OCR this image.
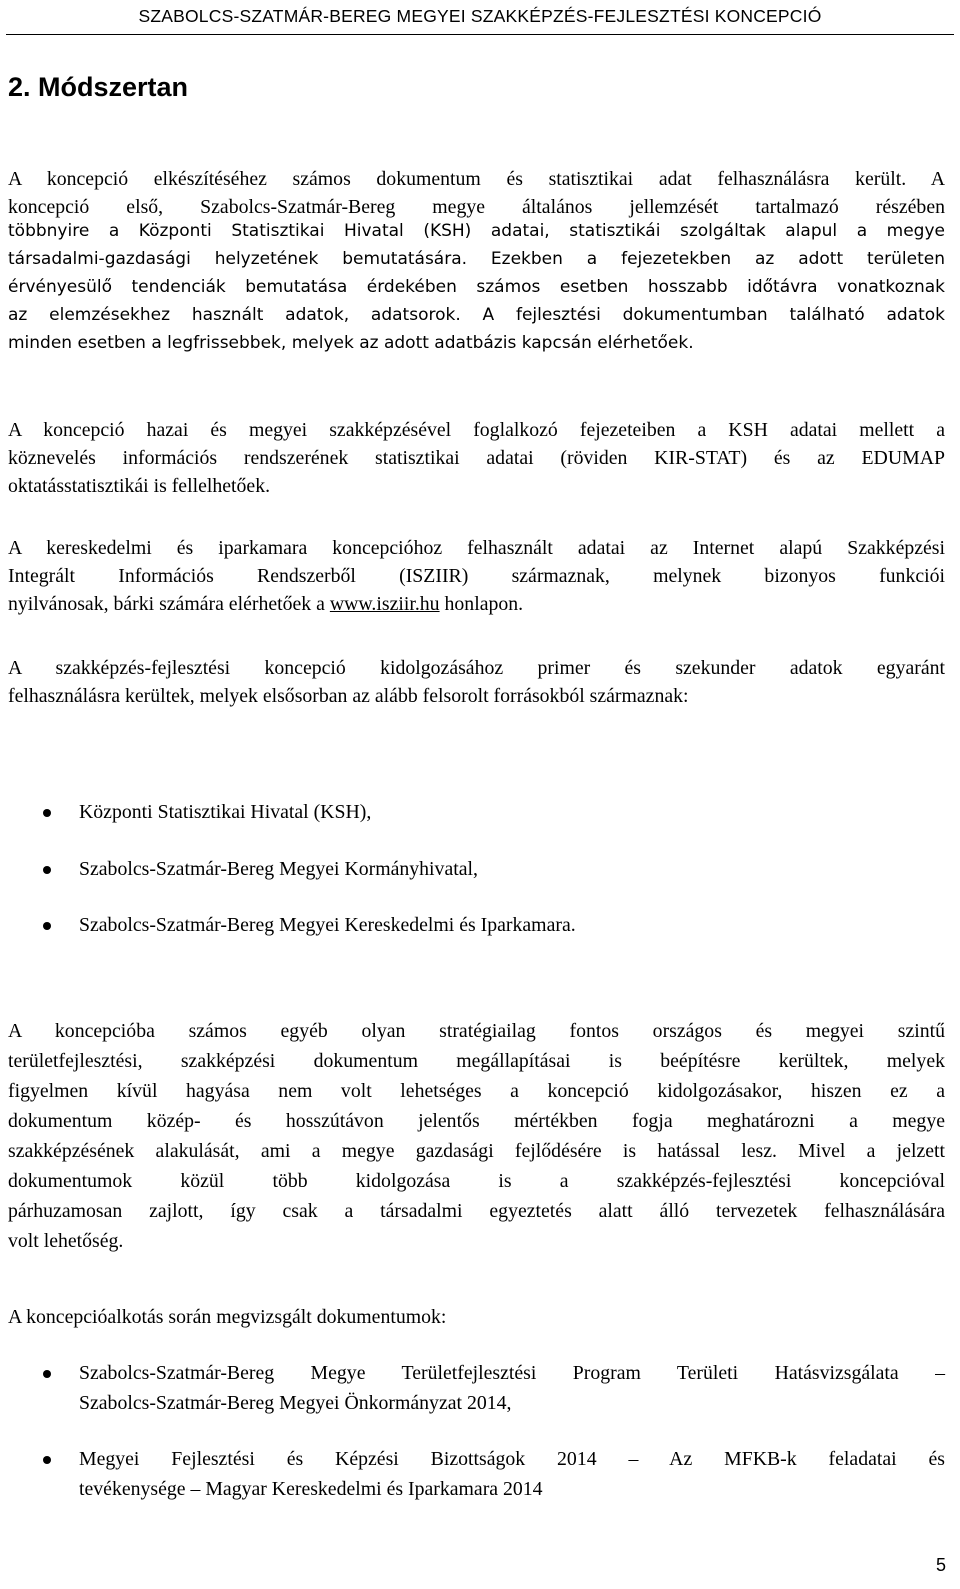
SZABOLCS-SZATMÁR-BEREG MEGYEI SZAKKÉPZÉS-FEJLESZTÉSI KONCEPCIÓ
2. Módszertan
A koncepció elkészítéséhez számos dokumentum és statisztikai adat felhasználásra került. A
koncepció első, Szabolcs-Szatmár-Bereg megye általános jellemzését tartalmazó részében
többnyire a Központi Statisztikai Hivatal (KSH) adatai, statisztikái szolgáltak alapul a megye
társadalmi-gazdasági helyzetének bemutatására. Ezekben a fejezetekben az adott területen
érvényesülő tendenciák bemutatása érdekében számos esetben hosszabb időtávra vonatkoznak
az elemzésekhez használt adatok, adatsorok. A fejlesztési dokumentumban található adatok
minden esetben a legfrissebbek, melyek az adott adatbázis kapcsán elérhetőek.
A koncepció hazai és megyei szakképzésével foglalkozó fejezeteiben a KSH adatai mellett a
köznevelés információs rendszerének statisztikai adatai (röviden KIR-STAT) és az EDUMAP
oktatásstatisztikái is fellelhetőek.
A kereskedelmi és iparkamara koncepcióhoz felhasznált adatai az Internet alapú Szakképzési
Integrált Információs Rendszerből (ISZIIR) származnak, melynek bizonyos funkciói
nyilvánosak, bárki számára elérhetőek a www.isziir.hu honlapon.
A szakképzés-fejlesztési koncepció kidolgozásához primer és szekunder adatok egyaránt
felhasználásra kerültek, melyek elsősorban az alább felsorolt forrásokból származnak:
Központi Statisztikai Hivatal (KSH),
Szabolcs-Szatmár-Bereg Megyei Kormányhivatal,
Szabolcs-Szatmár-Bereg Megyei Kereskedelmi és Iparkamara.
A koncepcióba számos egyéb olyan stratégiailag fontos országos és megyei szintű
területfejlesztési, szakképzési dokumentum megállapításai is beépítésre kerültek, melyek
figyelmen kívül hagyása nem volt lehetséges a koncepció kidolgozásakor, hiszen ez a
dokumentum közép- és hosszútávon jelentős mértékben fogja meghatározni a megye
szakképzésének alakulását, ami a megye gazdasági fejlődésére is hatással lesz. Mivel a jelzett
dokumentumok közül több kidolgozása is a szakképzés-fejlesztési koncepcióval
párhuzamosan zajlott, így csak a társadalmi egyeztetés alatt álló tervezetek felhasználására
volt lehetőség.
A koncepcióalkotás során megvizsgált dokumentumok:
Szabolcs-Szatmár-Bereg Megye Területfejlesztési Program Területi Hatásvizsgálata –
Szabolcs-Szatmár-Bereg Megyei Önkormányzat 2014,
Megyei Fejlesztési és Képzési Bizottságok 2014 – Az MFKB-k feladatai és
tevékenysége – Magyar Kereskedelmi és Iparkamara 2014
5
